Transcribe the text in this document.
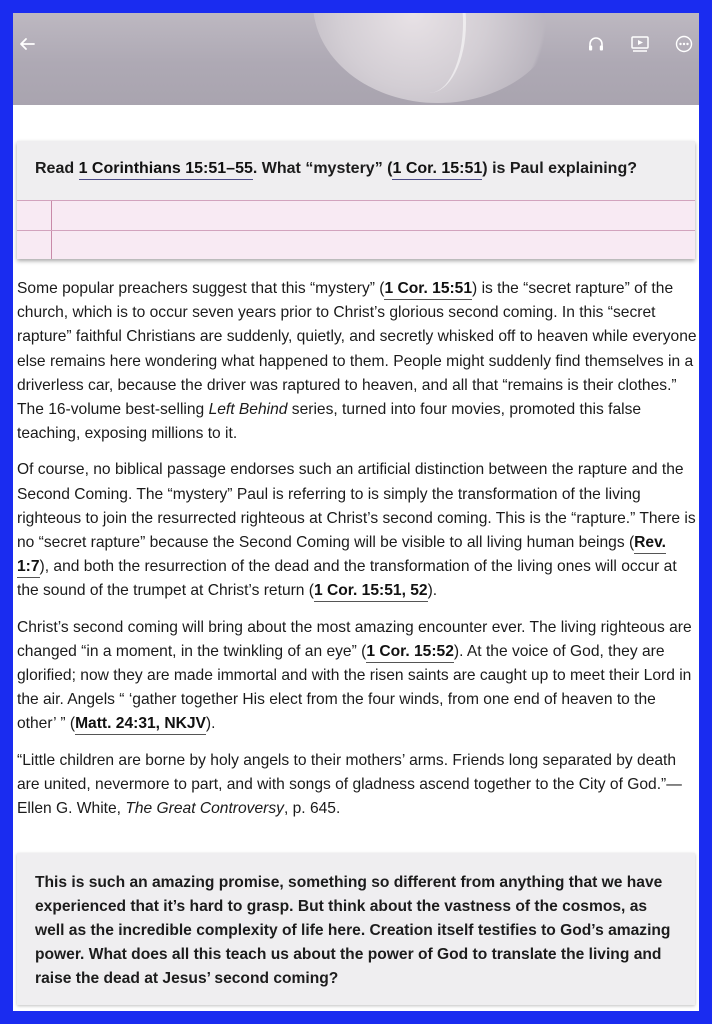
Read 1 Corinthians 15:51–55. What “mystery” (1 Cor. 15:51) is Paul explaining?

Some popular preachers suggest that this “mystery” (1 Cor. 15:51) is the “secret rapture” of the church, which is to occur seven years prior to Christ’s glorious second coming. In this “secret rapture” faithful Christians are suddenly, quietly, and secretly whisked off to heaven while everyone else remains here wondering what happened to them. People might suddenly find themselves in a driverless car, because the driver was raptured to heaven, and all that “remains is their clothes.” The 16-volume best-selling Left Behind series, turned into four movies, promoted this false teaching, exposing millions to it.

Of course, no biblical passage endorses such an artificial distinction between the rapture and the Second Coming. The “mystery” Paul is referring to is simply the transformation of the living righteous to join the resurrected righteous at Christ’s second coming. This is the “rapture.” There is no “secret rapture” because the Second Coming will be visible to all living human beings (Rev. 1:7), and both the resurrection of the dead and the transformation of the living ones will occur at the sound of the trumpet at Christ’s return (1 Cor. 15:51, 52).

Christ’s second coming will bring about the most amazing encounter ever. The living righteous are changed “in a moment, in the twinkling of an eye” (1 Cor. 15:52). At the voice of God, they are glorified; now they are made immortal and with the risen saints are caught up to meet their Lord in the air. Angels “ ‘gather together His elect from the four winds, from one end of heaven to the other’ ” (Matt. 24:31, NKJV).

“Little children are borne by holy angels to their mothers’ arms. Friends long separated by death are united, nevermore to part, and with songs of gladness ascend together to the City of God.”—Ellen G. White, The Great Controversy, p. 645.

This is such an amazing promise, something so different from anything that we have experienced that it’s hard to grasp. But think about the vastness of the cosmos, as well as the incredible complexity of life here. Creation itself testifies to God’s amazing power. What does all this teach us about the power of God to translate the living and raise the dead at Jesus’ second coming?
